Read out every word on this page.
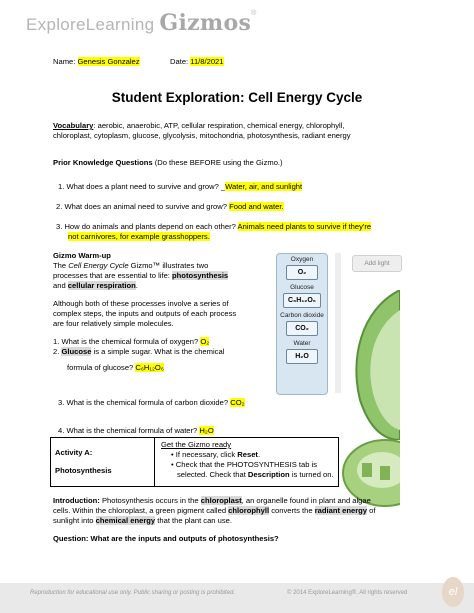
ExploreLearning Gizmos®
Name: Genesis Gonzalez	Date: 11/8/2021
Student Exploration: Cell Energy Cycle
Vocabulary: aerobic, anaerobic, ATP, cellular respiration, chemical energy, chlorophyll,
chloroplast, cytoplasm, glucose, glycolysis, mitochondria, photosynthesis, radiant energy
Prior Knowledge Questions (Do these BEFORE using the Gizmo.)
1. What does a plant need to survive and grow? _Water, air, and sunlight
2. What does an animal need to survive and grow? Food and water.
3. How do animals and plants depend on each other? Animals need plants to survive if they're
not carnivores, for example grasshoppers.
Gizmo Warm-up
The Cell Energy Cycle Gizmo™ illustrates two
processes that are essential to life: photosynthesis
and cellular respiration.
Although both of these processes involve a series of
complex steps, the inputs and outputs of each process
are four relatively simple molecules.
1. What is the chemical formula of oxygen? O₂
2. Glucose is a simple sugar. What is the chemical
formula of glucose? C₆H₁₂O₆
3. What is the chemical formula of carbon dioxide? CO₂
4. What is the chemical formula of water? H₂O
Oxygen
O₂
Glucose
C₆H₁₂O₆
Carbon dioxide
CO₂
Water
H₂O
Add light
Activity A:
Photosynthesis
Get the Gizmo ready
• If necessary, click Reset.
• Check that the PHOTOSYNTHESIS tab is
selected. Check that Description is turned on.
Introduction: Photosynthesis occurs in the chloroplast, an organelle found in plant and algae
cells. Within the chloroplast, a green pigment called chlorophyll converts the radiant energy of
sunlight into chemical energy that the plant can use.
Question: What are the inputs and outputs of photosynthesis?
Reproduction for educational use only. Public sharing or posting is prohibited.	© 2014 ExploreLearning®. All rights reserved	el
